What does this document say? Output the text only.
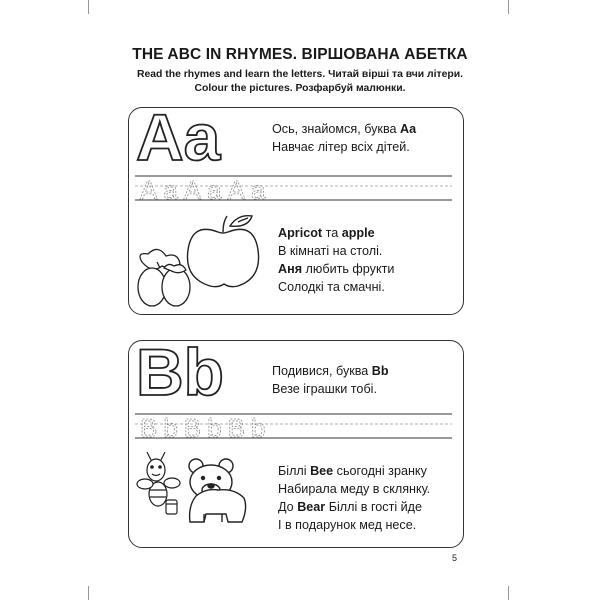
THE ABC IN RHYMES. ВІРШОВАНА АБЕТКА
Read the rhymes and learn the letters. Читай вірші та вчи літери.
Colour the pictures. Розфарбуй малюнки.
Aa	Ось, знайомся, буква Aa
Навчає літер всіх дітей.
AaAaAa
Apricot та apple
В кімнаті на столі.
Аня любить фрукти
Солодкі та смачні.
Bb	Подивися, буква Bb
Везе іграшки тобі.
BbBbBb
Біллі Bee сьогодні зранку
Набирала меду в склянку.
До Bear Біллі в гості йде
І в подарунок мед несе.
5
